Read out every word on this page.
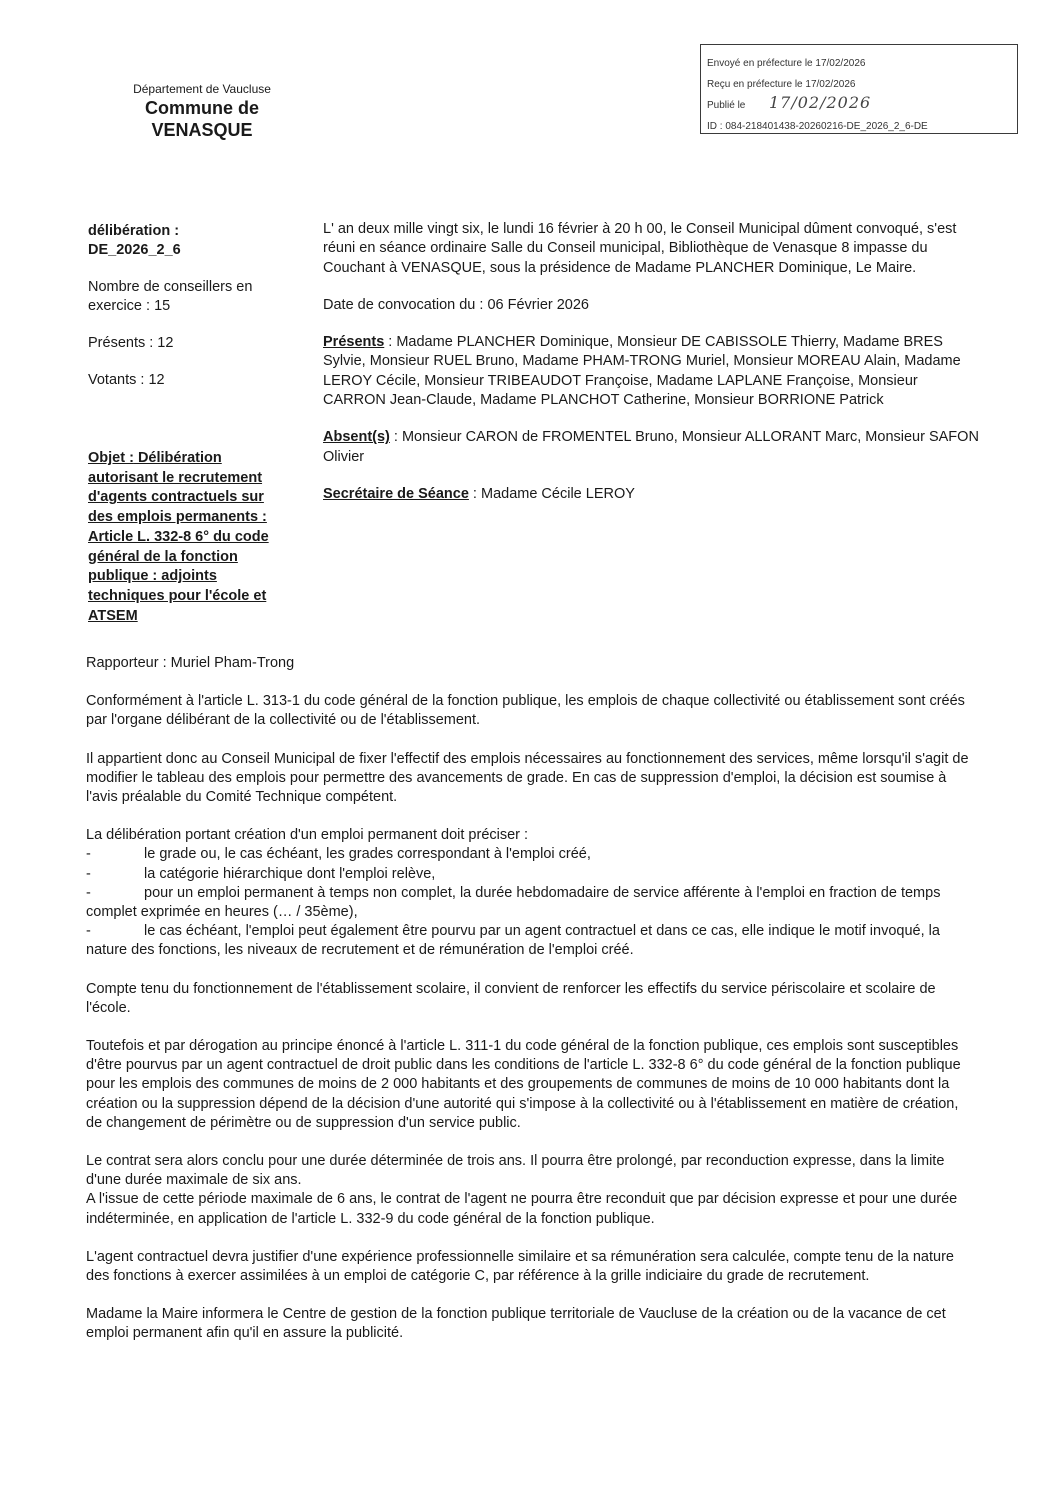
Département de Vaucluse
Commune de
VENASQUE
Envoyé en préfecture le 17/02/2026
Reçu en préfecture le 17/02/2026
Publié le 17/02/2026
ID : 084-218401438-20260216-DE_2026_2_6-DE
délibération :
DE_2026_2_6
Nombre de conseillers en
exercice : 15
Présents : 12
Votants : 12
Objet : Délibération
autorisant le recrutement
d'agents contractuels sur
des emplois permanents :
Article L. 332-8 6° du code
général de la fonction
publique : adjoints
techniques pour l'école et
ATSEM

L' an deux mille vingt six, le lundi 16 février à 20 h 00, le Conseil Municipal dûment convoqué, s'est réuni en séance ordinaire Salle du Conseil municipal, Bibliothèque de Venasque 8 impasse du Couchant à VENASQUE, sous la présidence de Madame PLANCHER Dominique, Le Maire.

Date de convocation du : 06 Février 2026

Présents : Madame PLANCHER Dominique, Monsieur DE CABISSOLE Thierry, Madame BRES Sylvie, Monsieur RUEL Bruno, Madame PHAM-TRONG Muriel, Monsieur MOREAU Alain, Madame LEROY Cécile, Monsieur TRIBEAUDOT Françoise, Madame LAPLANE Françoise, Monsieur CARRON Jean-Claude, Madame PLANCHOT Catherine, Monsieur BORRIONE Patrick

Absent(s) : Monsieur CARON de FROMENTEL Bruno, Monsieur ALLORANT Marc, Monsieur SAFON Olivier

Secrétaire de Séance : Madame Cécile LEROY

Rapporteur : Muriel Pham-Trong

Conformément à l'article L. 313-1 du code général de la fonction publique, les emplois de chaque collectivité ou établissement sont créés par l'organe délibérant de la collectivité ou de l'établissement.

Il appartient donc au Conseil Municipal de fixer l'effectif des emplois nécessaires au fonctionnement des services, même lorsqu'il s'agit de modifier le tableau des emplois pour permettre des avancements de grade. En cas de suppression d'emploi, la décision est soumise à l'avis préalable du Comité Technique compétent.

La délibération portant création d'un emploi permanent doit préciser :
-	le grade ou, le cas échéant, les grades correspondant à l'emploi créé,
-	la catégorie hiérarchique dont l'emploi relève,
-	pour un emploi permanent à temps non complet, la durée hebdomadaire de service afférente à l'emploi en fraction de temps complet exprimée en heures (… / 35ème),
-	le cas échéant, l'emploi peut également être pourvu par un agent contractuel et dans ce cas, elle indique le motif invoqué, la nature des fonctions, les niveaux de recrutement et de rémunération de l'emploi créé.

Compte tenu du fonctionnement de l'établissement scolaire, il convient de renforcer les effectifs du service périscolaire et scolaire de l'école.

Toutefois et par dérogation au principe énoncé à l'article L. 311-1 du code général de la fonction publique, ces emplois sont susceptibles d'être pourvus par un agent contractuel de droit public dans les conditions de l'article L. 332-8 6° du code général de la fonction publique pour les emplois des communes de moins de 2 000 habitants et des groupements de communes de moins de 10 000 habitants dont la création ou la suppression dépend de la décision d'une autorité qui s'impose à la collectivité ou à l'établissement en matière de création, de changement de périmètre ou de suppression d'un service public.

Le contrat sera alors conclu pour une durée déterminée de trois ans. Il pourra être prolongé, par reconduction expresse, dans la limite d'une durée maximale de six ans.
A l'issue de cette période maximale de 6 ans, le contrat de l'agent ne pourra être reconduit que par décision expresse et pour une durée indéterminée, en application de l'article L. 332-9 du code général de la fonction publique.

L'agent contractuel devra justifier d'une expérience professionnelle similaire et sa rémunération sera calculée, compte tenu de la nature des fonctions à exercer assimilées à un emploi de catégorie C, par référence à la grille indiciaire du grade de recrutement.

Madame la Maire informera le Centre de gestion de la fonction publique territoriale de Vaucluse de la création ou de la vacance de cet emploi permanent afin qu'il en assure la publicité.
